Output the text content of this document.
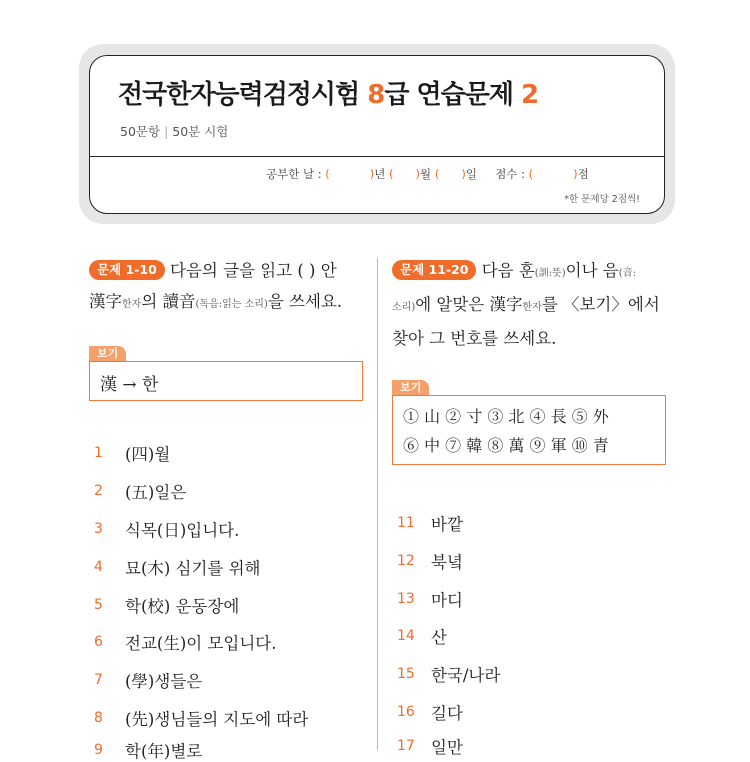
전국한자능력검정시험 8급 연습문제 2
50문항 | 50분 시험
공부한 날 : (	)년 ( )월 ( )일 점수 : (	)점
*한 문제당 2점씩!
문제 1-10 다음의 글을 읽고 ( ) 안
漢字한자의 讀音(독음:읽는 소리)을 쓰세요.
보기
漢 → 한
1	(四)월
2	(五)일은
3	식목(日)입니다.
4	묘(木) 심기를 위해
5	학(校) 운동장에
6	전교(生)이 모입니다.
7	(學)생들은
8	(先)생님들의 지도에 따라
9	학(年)별로
문제 11-20 다음 훈(訓:뜻)이나 음(音:
소리)에 알맞은 漢字한자를 〈보기〉에서
찾아 그 번호를 쓰세요.
보기
① 山 ② 寸 ③ 北 ④ 長 ⑤ 外
⑥ 中 ⑦ 韓 ⑧ 萬 ⑨ 軍 ⑩ 青
11 바깥
12 북녘
13 마디
14 산
15 한국/나라
16 길다
17 일만
